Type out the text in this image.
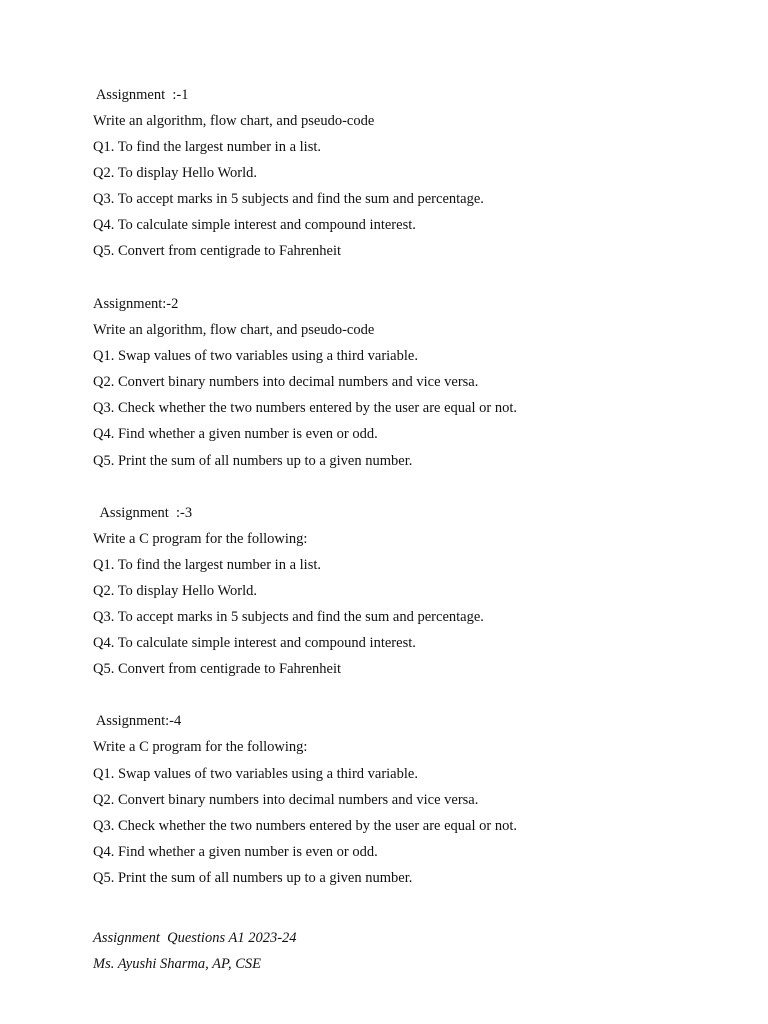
Assignment  :-1
Write an algorithm, flow chart, and pseudo-code
Q1. To find the largest number in a list.
Q2. To display Hello World.
Q3. To accept marks in 5 subjects and find the sum and percentage.
Q4. To calculate simple interest and compound interest.
Q5. Convert from centigrade to Fahrenheit
Assignment:-2
Write an algorithm, flow chart, and pseudo-code
Q1. Swap values of two variables using a third variable.
Q2. Convert binary numbers into decimal numbers and vice versa.
Q3. Check whether the two numbers entered by the user are equal or not.
Q4. Find whether a given number is even or odd.
Q5. Print the sum of all numbers up to a given number.
Assignment  :-3
Write a C program for the following:
Q1. To find the largest number in a list.
Q2. To display Hello World.
Q3. To accept marks in 5 subjects and find the sum and percentage.
Q4. To calculate simple interest and compound interest.
Q5. Convert from centigrade to Fahrenheit
Assignment:-4
Write a C program for the following:
Q1. Swap values of two variables using a third variable.
Q2. Convert binary numbers into decimal numbers and vice versa.
Q3. Check whether the two numbers entered by the user are equal or not.
Q4. Find whether a given number is even or odd.
Q5. Print the sum of all numbers up to a given number.
Assignment  Questions A1 2023-24
Ms. Ayushi Sharma, AP, CSE
